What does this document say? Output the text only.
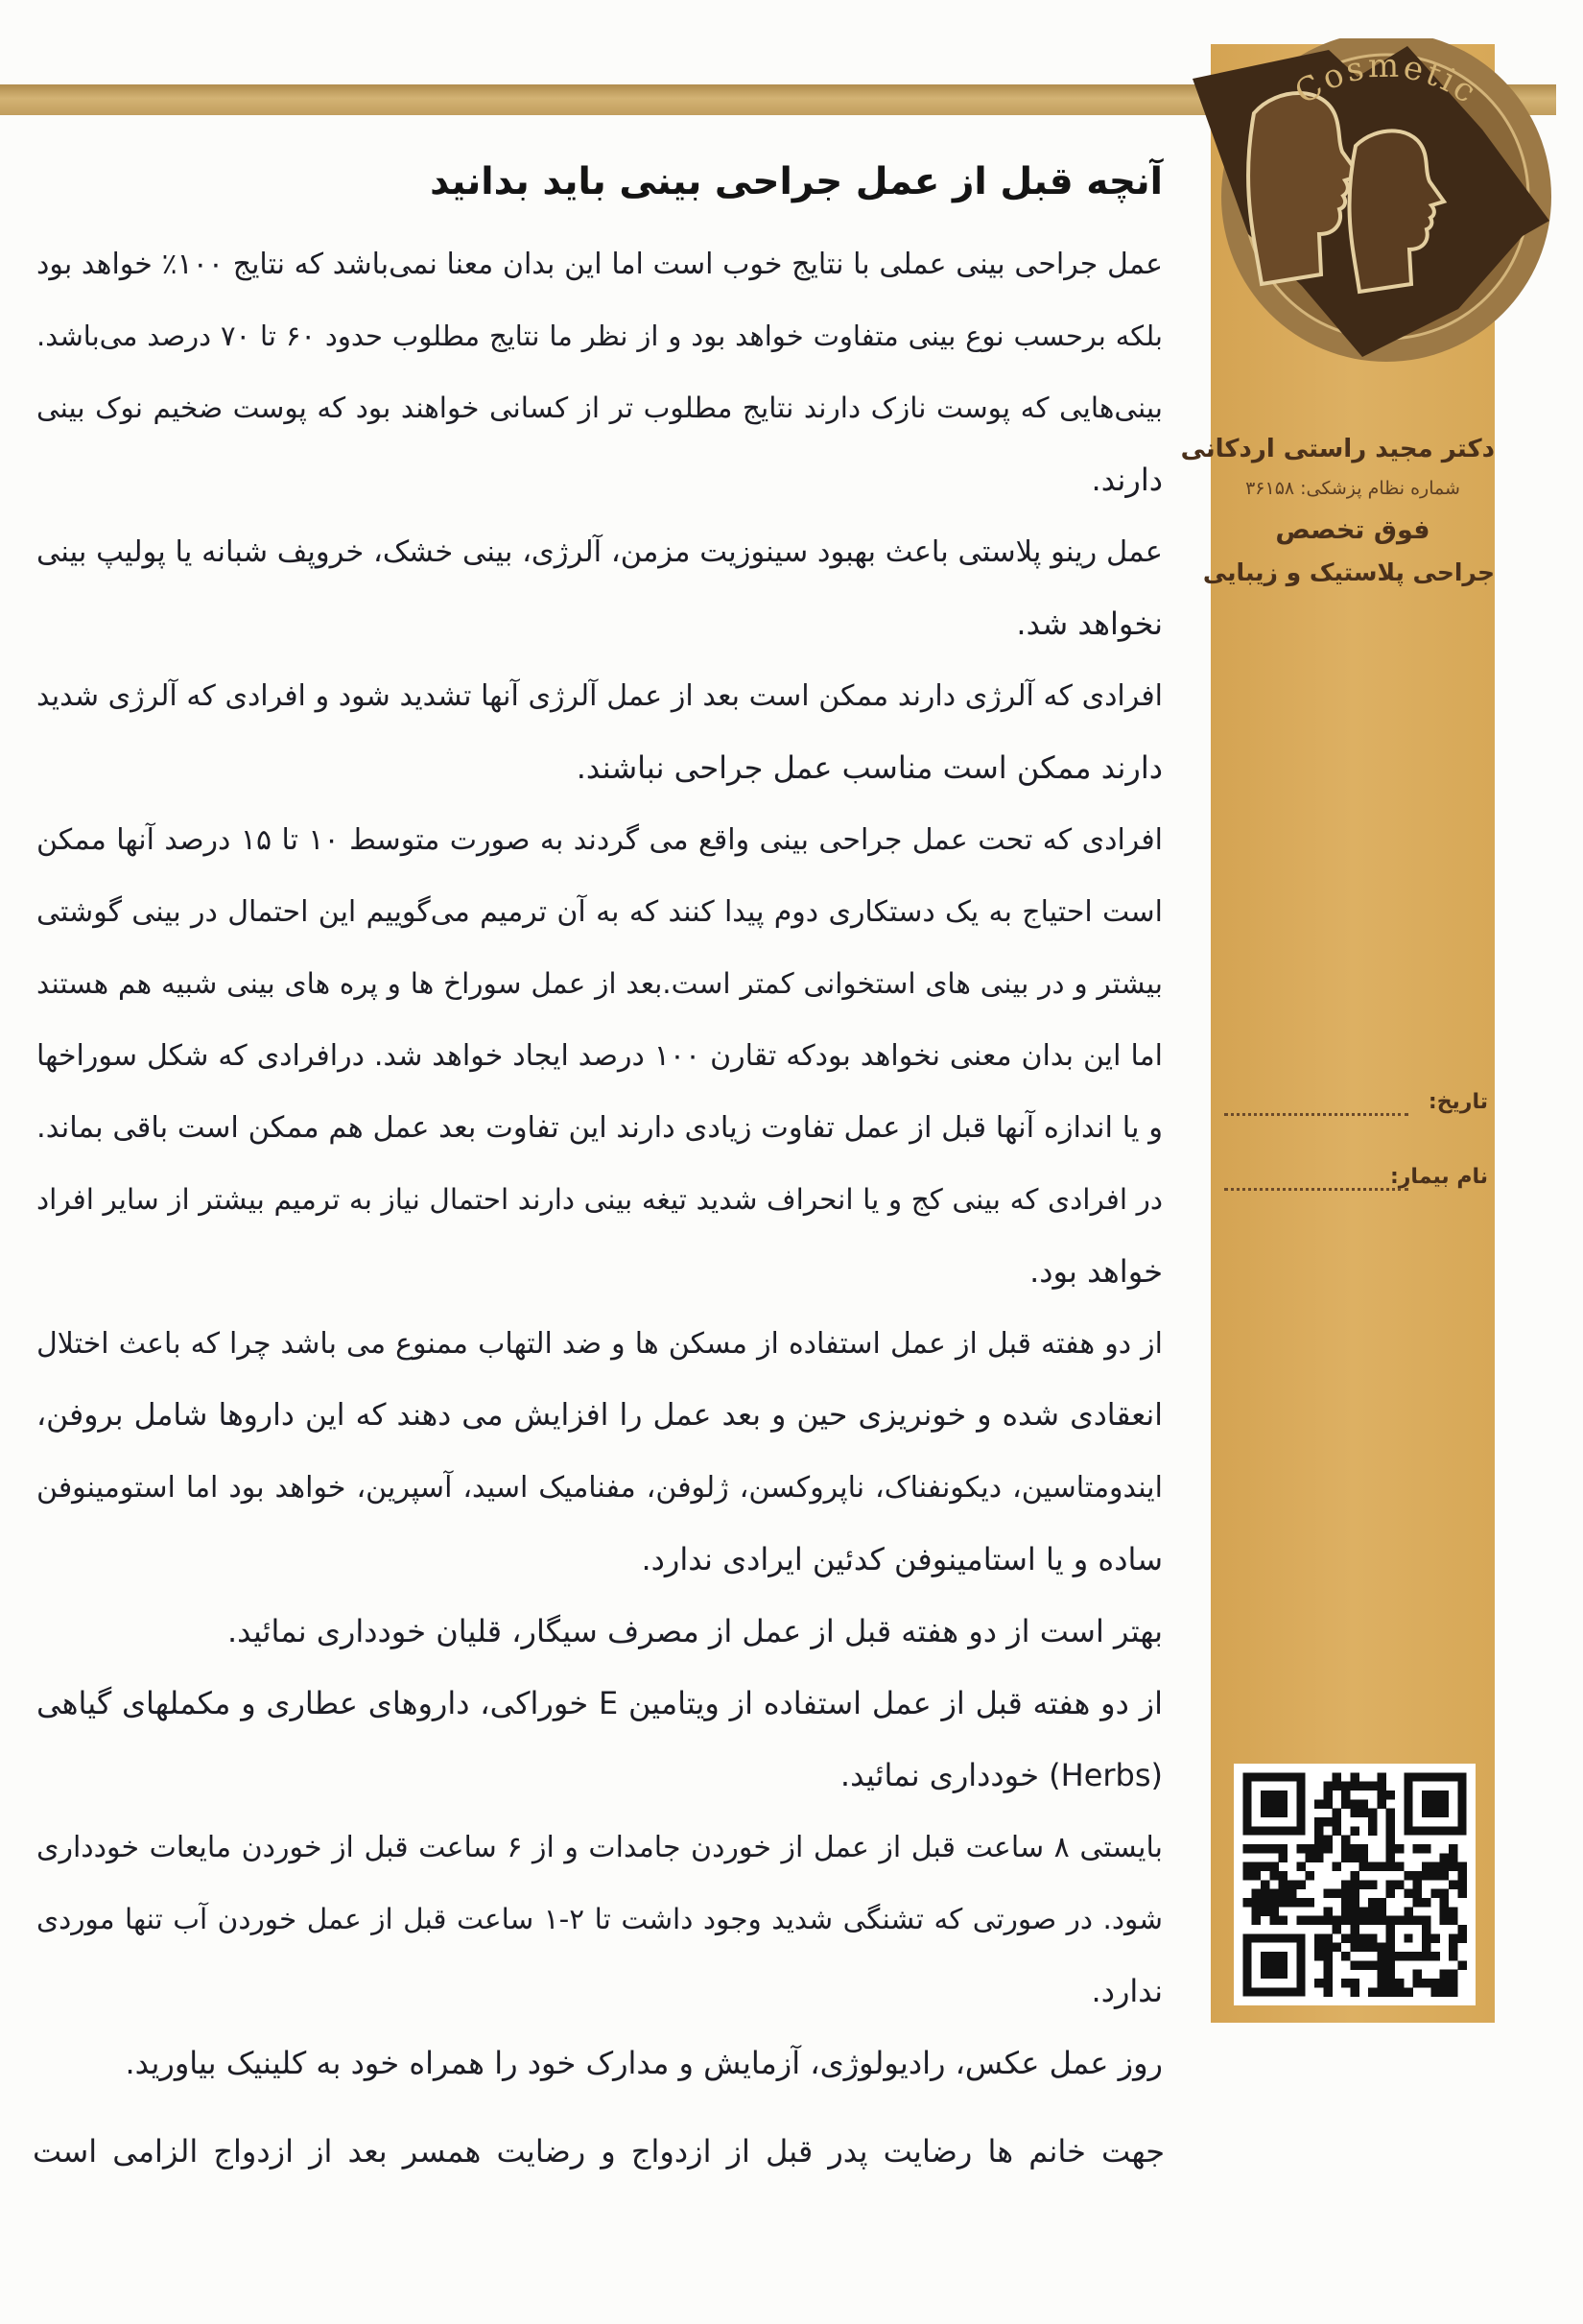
Cosmetic
دکتر مجید راستی اردکانی
شماره نظام پزشکی: ۳۶۱۵۸
فوق تخصص
جراحی پلاستیک و زیبایی
تاریخ:
نام بیمار:
آنچه قبل از عمل جراحی بینی باید بدانید
عمل جراحی بینی عملی با نتایج خوب است اما این بدان معنا نمی‌باشد که نتایج ۱۰۰٪ خواهد بود
بلکه برحسب نوع بینی متفاوت خواهد بود و از نظر ما نتایج مطلوب حدود ۶۰ تا ۷۰ درصد می‌باشد.
بینی‌هایی که پوست نازک دارند نتایج مطلوب تر از کسانی خواهند بود که پوست ضخیم نوک بینی
دارند.
عمل رینو پلاستی باعث بهبود سینوزیت مزمن، آلرژی، بینی خشک، خروپف شبانه یا پولیپ بینی
نخواهد شد.
افرادی که آلرژی دارند ممکن است بعد از عمل آلرژی آنها تشدید شود و افرادی که آلرژی شدید
دارند ممکن است مناسب عمل جراحی نباشند.
افرادی که تحت عمل جراحی بینی واقع می گردند به صورت متوسط ۱۰ تا ۱۵ درصد آنها ممکن
است احتیاج به یک دستکاری دوم پیدا کنند که به آن ترمیم می‌گوییم این احتمال در بینی گوشتی
بیشتر و در بینی های استخوانی کمتر است.بعد از عمل سوراخ ها و پره های بینی شبیه هم هستند
اما این بدان معنی نخواهد بودکه تقارن ۱۰۰ درصد ایجاد خواهد شد. درافرادی که شکل سوراخها
و یا اندازه آنها قبل از عمل تفاوت زیادی دارند این تفاوت بعد عمل هم ممکن است باقی بماند.
در افرادی که بینی کج و یا انحراف شدید تیغه بینی دارند احتمال نیاز به ترمیم بیشتر از سایر افراد
خواهد بود.
از دو هفته قبل از عمل استفاده از مسکن ها و ضد التهاب ممنوع می باشد چرا که باعث اختلال
انعقادی شده و خونریزی حین و بعد عمل را افزایش می دهند که این داروها شامل بروفن،
ایندومتاسین، دیکونفناک، ناپروکسن، ژلوفن، مفنامیک اسید، آسپرین، خواهد بود اما استومینوفن
ساده و یا استامینوفن کدئین ایرادی ندارد.
بهتر است از دو هفته قبل از عمل از مصرف سیگار، قلیان خودداری نمائید.
از دو هفته قبل از عمل استفاده از ویتامین E خوراکی، داروهای عطاری و مکملهای گیاهی
(Herbs) خودداری نمائید.
بایستی ۸ ساعت قبل از عمل از خوردن جامدات و از ۶ ساعت قبل از خوردن مایعات خودداری
شود. در صورتی که تشنگی شدید وجود داشت تا ۲-۱ ساعت قبل از عمل خوردن آب تنها موردی
ندارد.
روز عمل عکس، رادیولوژی، آزمایش و مدارک خود را همراه خود به کلینیک بیاورید.
جهت خانم ها رضایت پدر قبل از ازدواج و رضایت همسر بعد از ازدواج الزامی است
